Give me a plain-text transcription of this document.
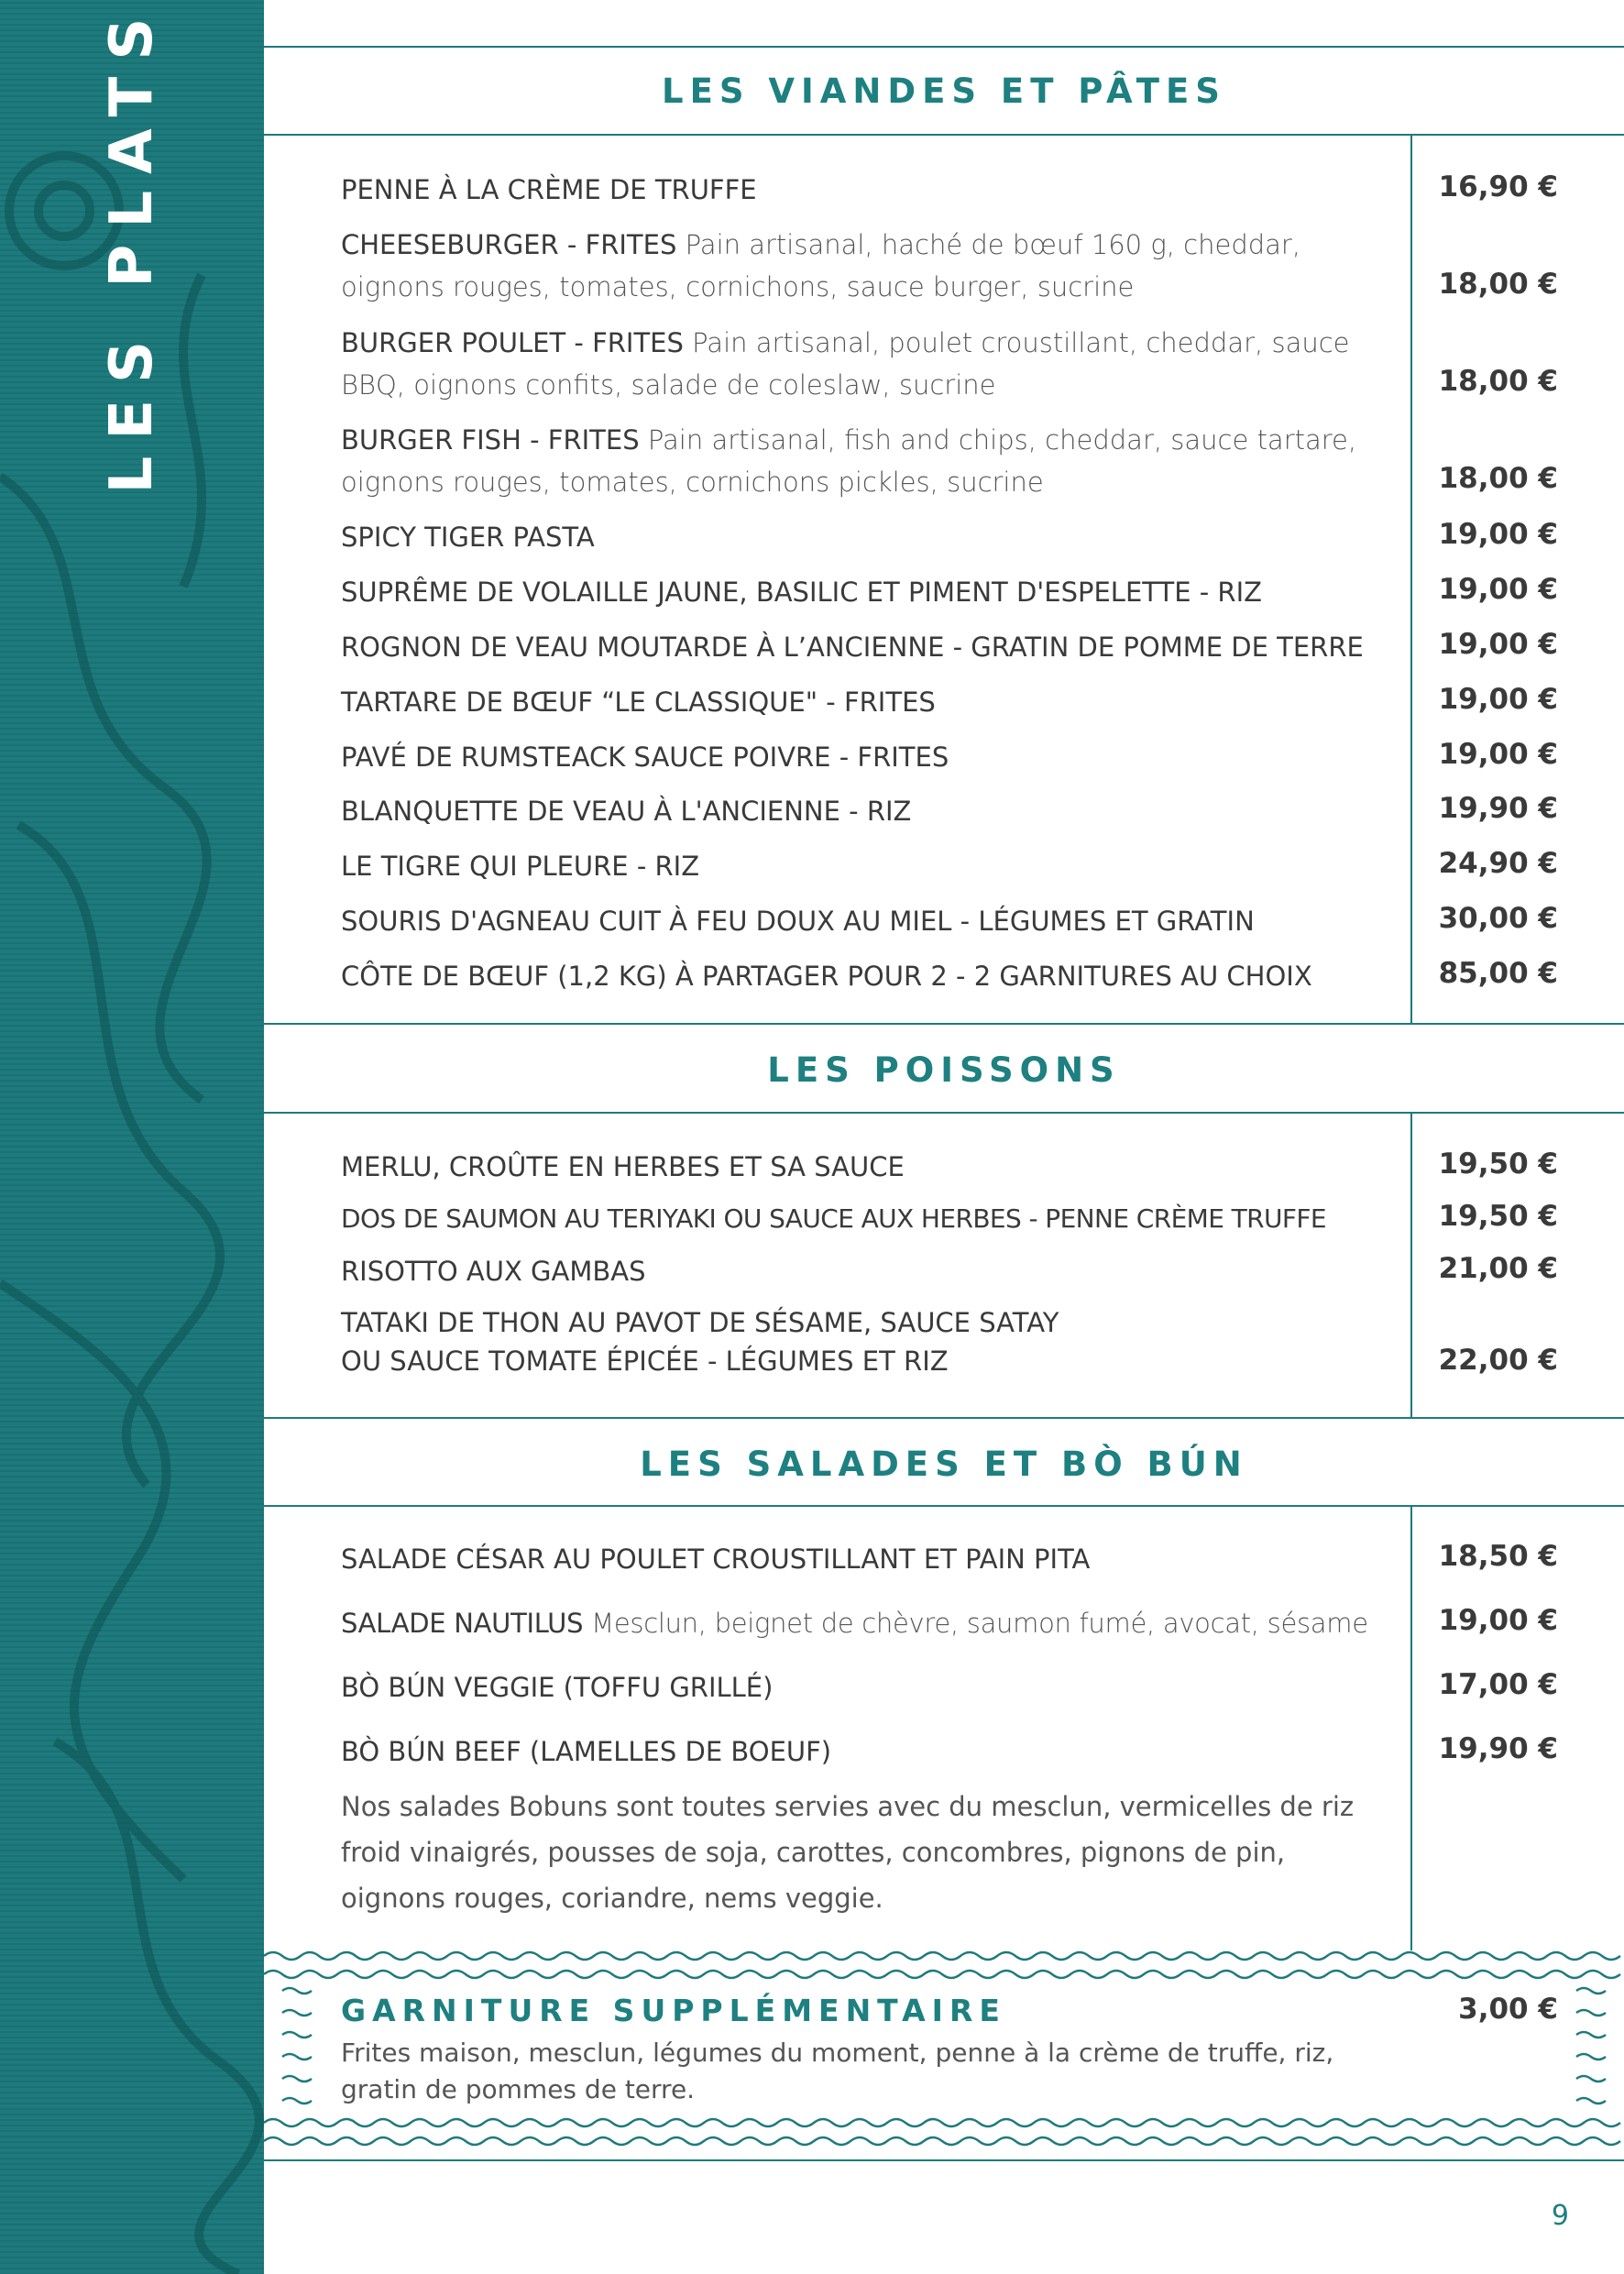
LES PLATS	LES VIANDES ET PÂTES
PENNE À LA CRÈME DE TRUFFE	16,90 €
CHEESEBURGER - FRITES Pain artisanal, haché de bœuf 160 g, cheddar, oignons rouges, tomates, cornichons, sauce burger, sucrine	18,00 €
BURGER POULET - FRITES Pain artisanal, poulet croustillant, cheddar, sauce BBQ, oignons confits, salade de coleslaw, sucrine	18,00 €
BURGER FISH - FRITES Pain artisanal, fish and chips, cheddar, sauce tartare, oignons rouges, tomates, cornichons pickles, sucrine	18,00 €
SPICY TIGER PASTA	19,00 €
SUPRÊME DE VOLAILLE JAUNE, BASILIC ET PIMENT D'ESPELETTE - RIZ	19,00 €
ROGNON DE VEAU MOUTARDE À L’ANCIENNE - GRATIN DE POMME DE TERRE	19,00 €
TARTARE DE BŒUF “LE CLASSIQUE" - FRITES	19,00 €
PAVÉ DE RUMSTEACK SAUCE POIVRE - FRITES	19,00 €
BLANQUETTE DE VEAU À L'ANCIENNE - RIZ	19,90 €
LE TIGRE QUI PLEURE - RIZ	24,90 €
SOURIS D'AGNEAU CUIT À FEU DOUX AU MIEL - LÉGUMES ET GRATIN	30,00 €
CÔTE DE BŒUF (1,2 KG) À PARTAGER POUR 2 - 2 GARNITURES AU CHOIX	85,00 €
LES POISSONS
MERLU, CROÛTE EN HERBES ET SA SAUCE	19,50 €
DOS DE SAUMON AU TERIYAKI OU SAUCE AUX HERBES - PENNE CRÈME TRUFFE	19,50 €
RISOTTO AUX GAMBAS	21,00 €
TATAKI DE THON AU PAVOT DE SÉSAME, SAUCE SATAY
OU SAUCE TOMATE ÉPICÉE - LÉGUMES ET RIZ	22,00 €
LES SALADES ET BÒ BÚN
SALADE CÉSAR AU POULET CROUSTILLANT ET PAIN PITA	18,50 €
SALADE NAUTILUS Mesclun, beignet de chèvre, saumon fumé, avocat, sésame	19,00 €
BÒ BÚN VEGGIE (TOFFU GRILLÉ)	17,00 €
BÒ BÚN BEEF (LAMELLES DE BOEUF)	19,90 €
Nos salades Bobuns sont toutes servies avec du mesclun, vermicelles de riz froid vinaigrés, pousses de soja, carottes, concombres, pignons de pin, oignons rouges, coriandre, nems veggie.
GARNITURE SUPPLÉMENTAIRE	3,00 €
Frites maison, mesclun, légumes du moment, penne à la crème de truffe, riz, gratin de pommes de terre.
9
